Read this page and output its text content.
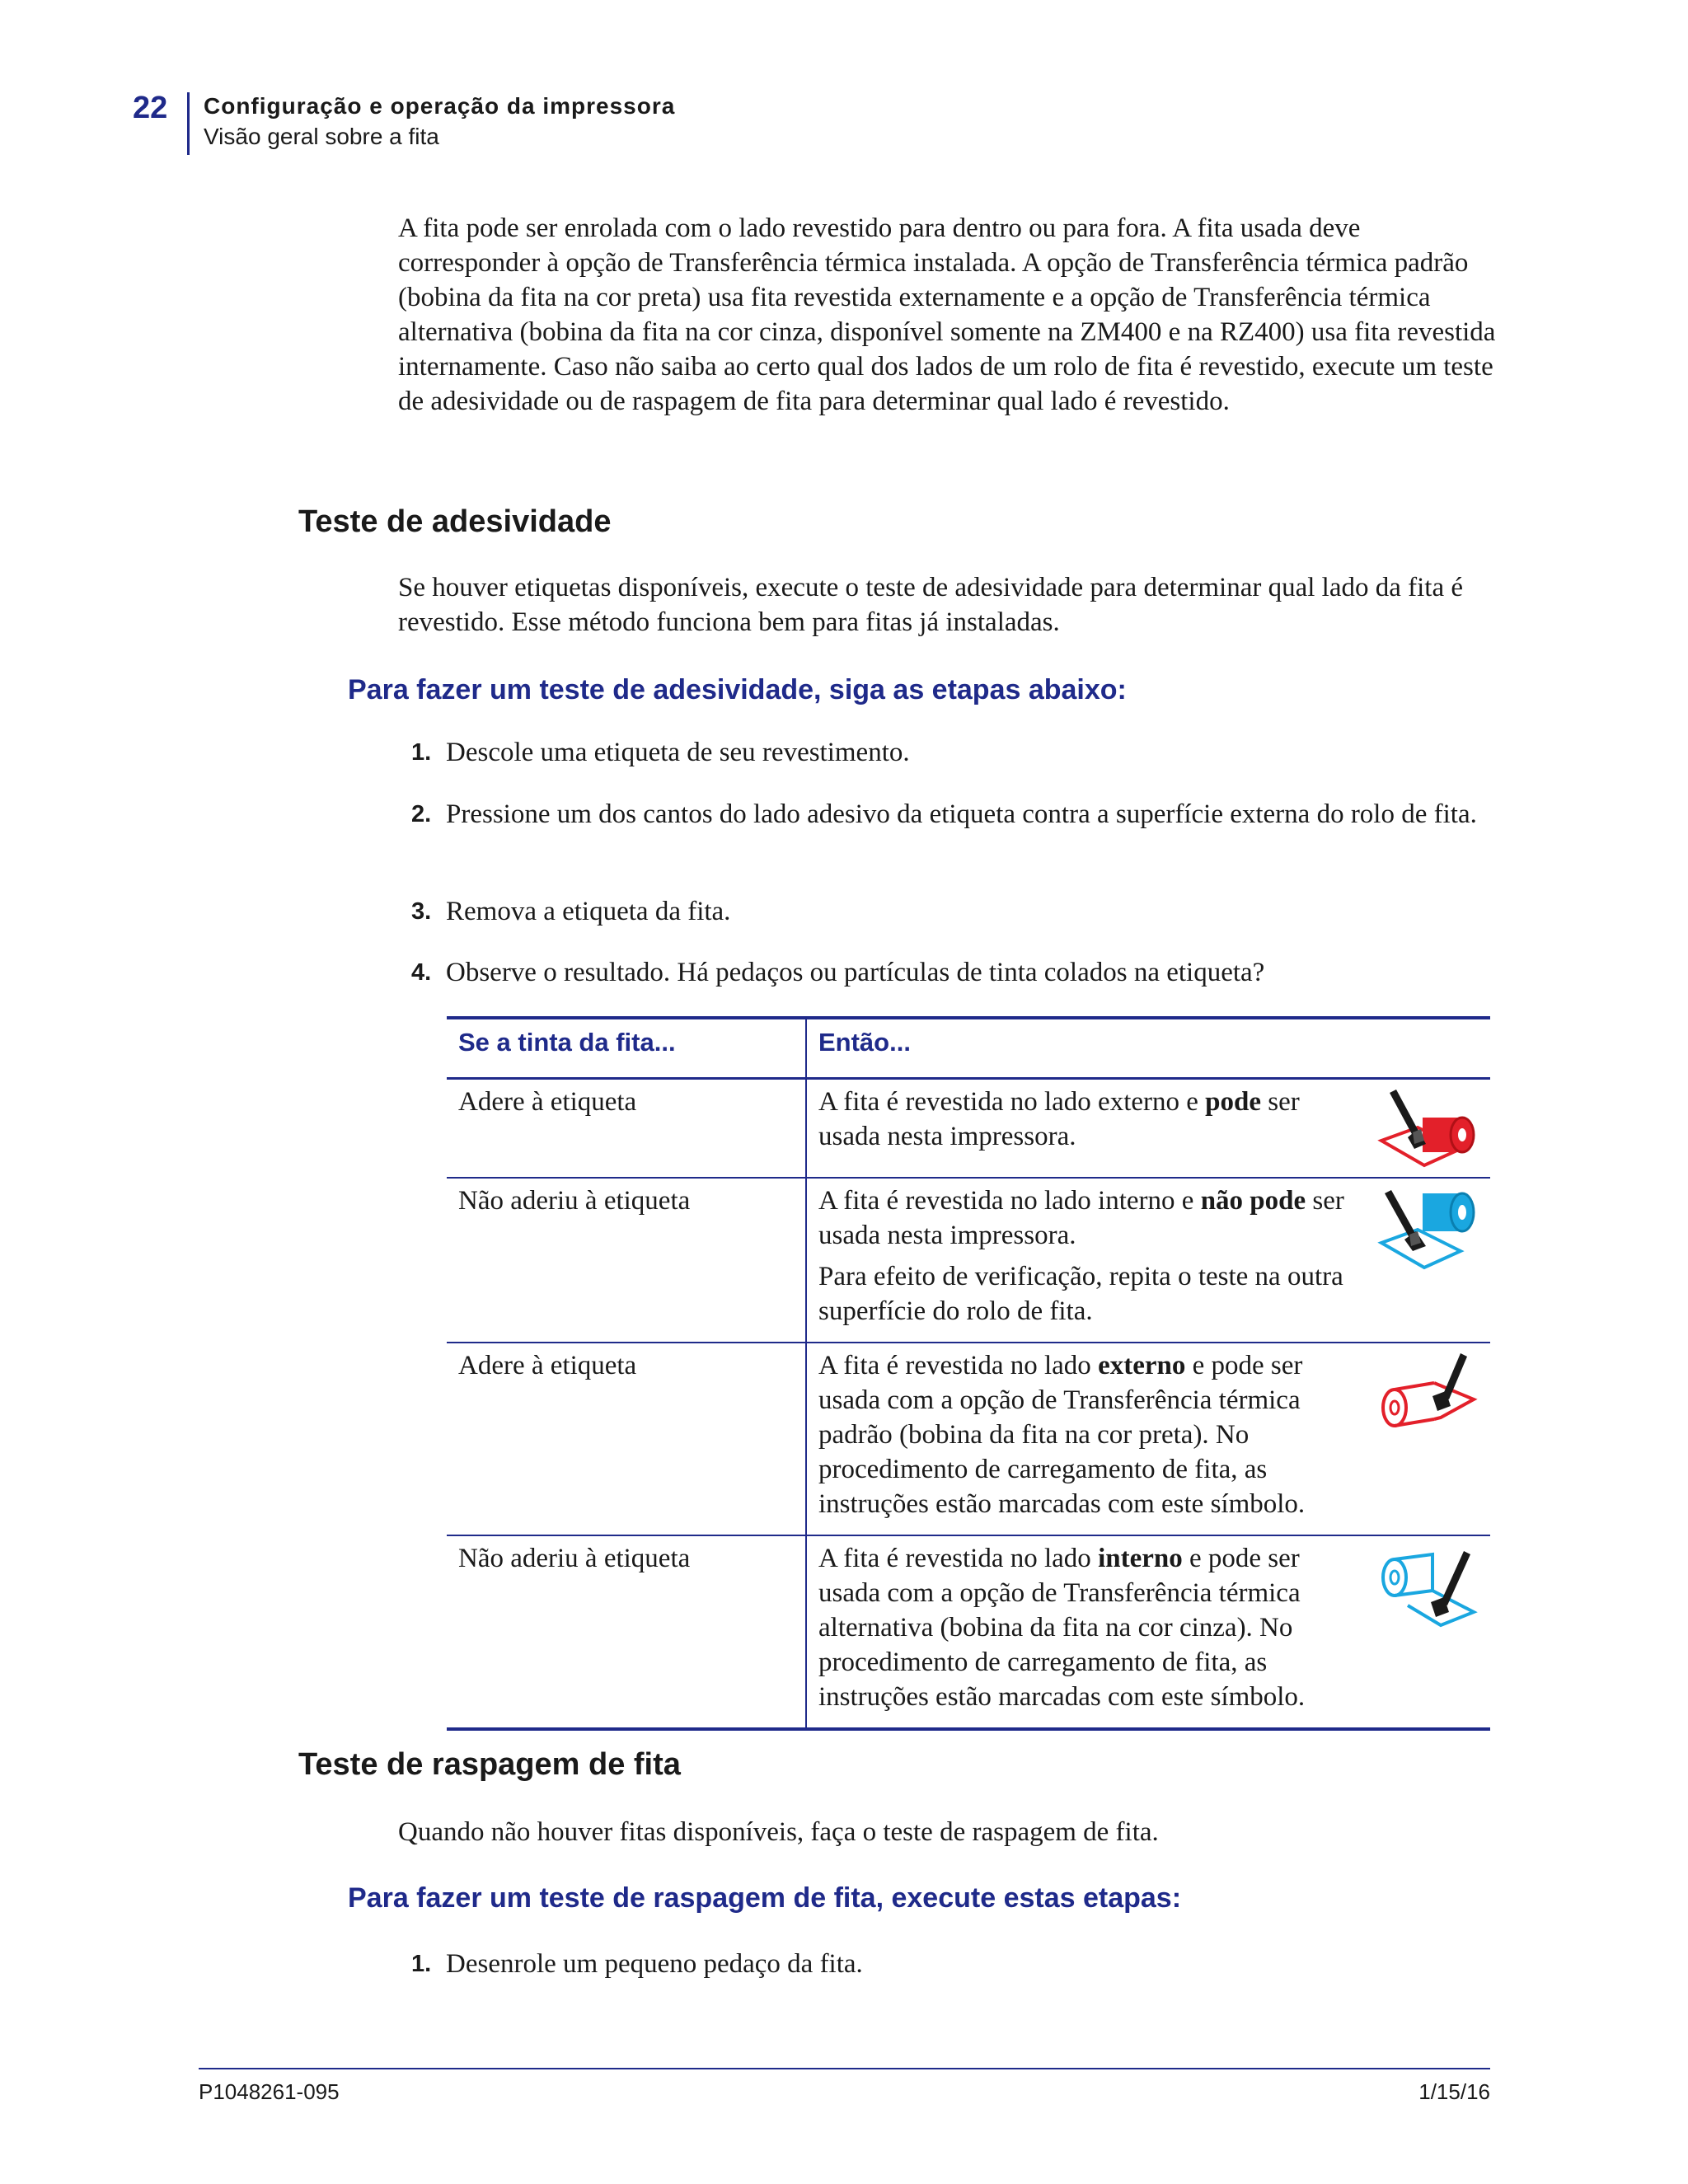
22 Configuração e operação da impressora
Visão geral sobre a fita
A fita pode ser enrolada com o lado revestido para dentro ou para fora. A fita usada deve corresponder à opção de Transferência térmica instalada. A opção de Transferência térmica padrão (bobina da fita na cor preta) usa fita revestida externamente e a opção de Transferência térmica alternativa (bobina da fita na cor cinza, disponível somente na ZM400 e na RZ400) usa fita revestida internamente. Caso não saiba ao certo qual dos lados de um rolo de fita é revestido, execute um teste de adesividade ou de raspagem de fita para determinar qual lado é revestido.
Teste de adesividade
Se houver etiquetas disponíveis, execute o teste de adesividade para determinar qual lado da fita é revestido. Esse método funciona bem para fitas já instaladas.
Para fazer um teste de adesividade, siga as etapas abaixo:
1. Descole uma etiqueta de seu revestimento.
2. Pressione um dos cantos do lado adesivo da etiqueta contra a superfície externa do rolo de fita.
3. Remova a etiqueta da fita.
4. Observe o resultado. Há pedaços ou partículas de tinta colados na etiqueta?
Se a tinta da fita...	Então...
Adere à etiqueta	A fita é revestida no lado externo e pode ser usada nesta impressora.

Não aderiu à etiqueta	A fita é revestida no lado interno e não pode ser usada nesta impressora.

Para efeito de verificação, repita o teste na outra superfície do rolo de fita.

Adere à etiqueta	A fita é revestida no lado externo e pode ser usada com a opção de Transferência térmica padrão (bobina da fita na cor preta). No procedimento de carregamento de fita, as instruções estão marcadas com este símbolo.

Não aderiu à etiqueta	A fita é revestida no lado interno e pode ser usada com a opção de Transferência térmica alternativa (bobina da fita na cor cinza). No procedimento de carregamento de fita, as instruções estão marcadas com este símbolo.

Teste de raspagem de fita
Quando não houver fitas disponíveis, faça o teste de raspagem de fita.
Para fazer um teste de raspagem de fita, execute estas etapas:
1. Desenrole um pequeno pedaço da fita.
P1048261-095	1/15/16
